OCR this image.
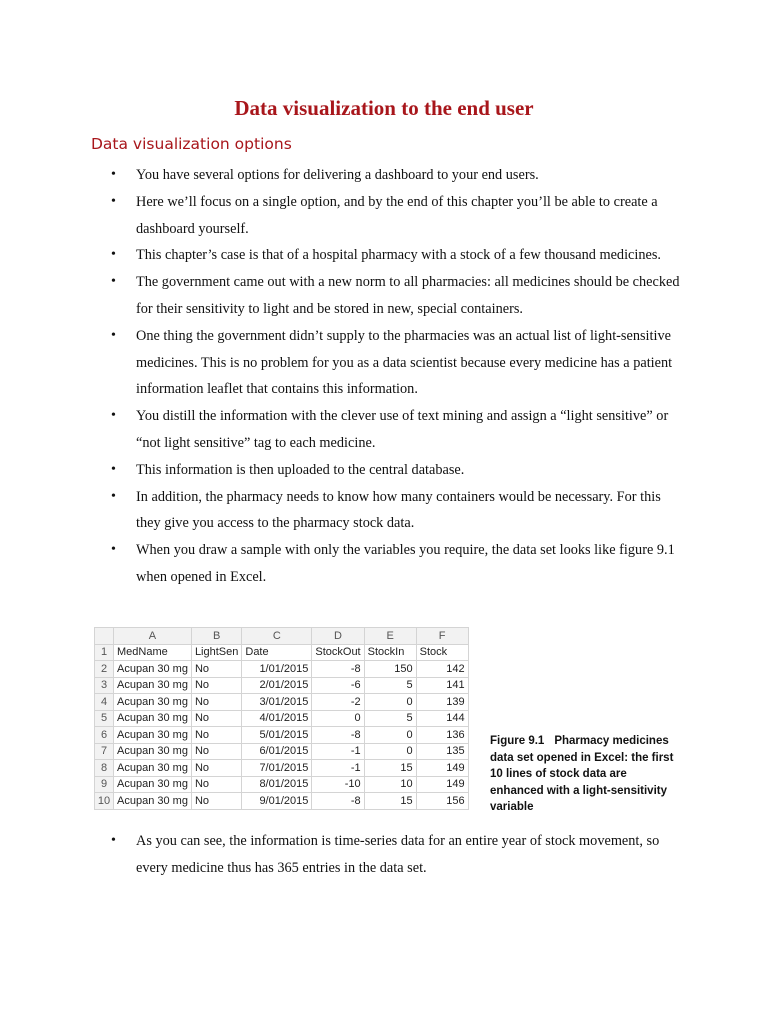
Data visualization to the end user
Data visualization options
• You have several options for delivering a dashboard to your end users.
• Here we’ll focus on a single option, and by the end of this chapter you’ll be able to create a dashboard yourself.
• This chapter’s case is that of a hospital pharmacy with a stock of a few thousand medicines.
• The government came out with a new norm to all pharmacies: all medicines should be checked for their sensitivity to light and be stored in new, special containers.
• One thing the government didn’t supply to the pharmacies was an actual list of light-sensitive medicines. This is no problem for you as a data scientist because every medicine has a patient information leaflet that contains this information.
• You distill the information with the clever use of text mining and assign a “light sensitive” or “not light sensitive” tag to each medicine.
• This information is then uploaded to the central database.
• In addition, the pharmacy needs to know how many containers would be necessary. For this they give you access to the pharmacy stock data.
• When you draw a sample with only the variables you require, the data set looks like figure 9.1 when opened in Excel.
	A	B	C	D	E	F
1	MedName	LightSen	Date	StockOut	StockIn	Stock
2	Acupan 30 mg	No	1/01/2015	-8	150	142
3	Acupan 30 mg	No	2/01/2015	-6	5	141
4	Acupan 30 mg	No	3/01/2015	-2	0	139
5	Acupan 30 mg	No	4/01/2015	0	5	144
6	Acupan 30 mg	No	5/01/2015	-8	0	136
7	Acupan 30 mg	No	6/01/2015	-1	0	135
8	Acupan 30 mg	No	7/01/2015	-1	15	149
9	Acupan 30 mg	No	8/01/2015	-10	10	149
10	Acupan 30 mg	No	9/01/2015	-8	15	156
Figure 9.1 Pharmacy medicines data set opened in Excel: the first 10 lines of stock data are enhanced with a light-sensitivity variable
• As you can see, the information is time-series data for an entire year of stock movement, so every medicine thus has 365 entries in the data set.
